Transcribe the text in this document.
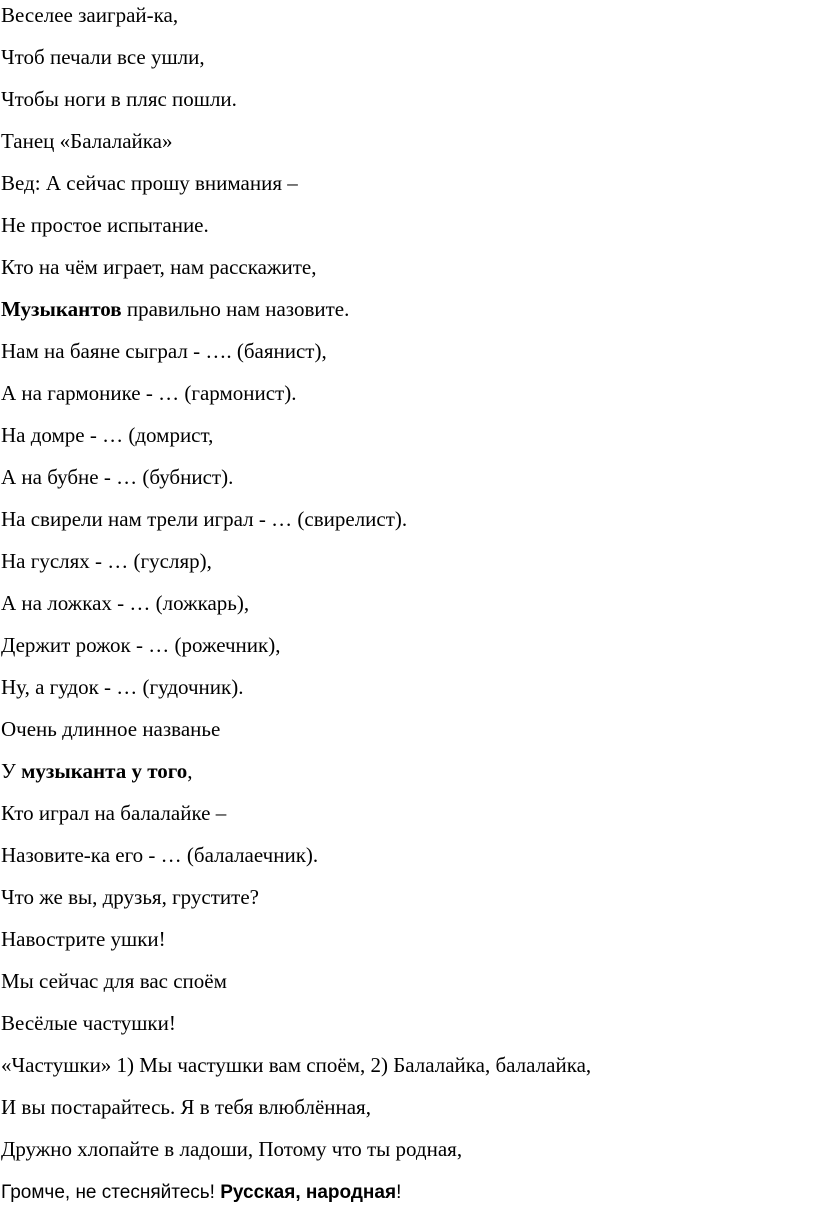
Веселее заиграй-ка,
Чтоб печали все ушли,
Чтобы ноги в пляс пошли.
Танец «Балалайка»
Вед: А сейчас прошу внимания –
Не простое испытание.
Кто на чём играет, нам расскажите,
Музыкантов правильно нам назовите.
Нам на баяне сыграл - …. (баянист),
А на гармонике - … (гармонист).
На домре - … (домрист,
А на бубне - … (бубнист).
На свирели нам трели играл - … (свирелист).
На гуслях - … (гусляр),
А на ложках - … (ложкарь),
Держит рожок - … (рожечник),
Ну, а гудок - … (гудочник).
Очень длинное названье
У музыканта у того,
Кто играл на балалайке –
Назовите-ка его - … (балалаечник).
Что же вы, друзья, грустите?
Навострите ушки!
Мы сейчас для вас споём
Весёлые частушки!
«Частушки» 1) Мы частушки вам споём, 2) Балалайка, балалайка,
И вы постарайтесь. Я в тебя влюблённая,
Дружно хлопайте в ладоши, Потому что ты родная,
Громче, не стесняйтесь! Русская, народная!
